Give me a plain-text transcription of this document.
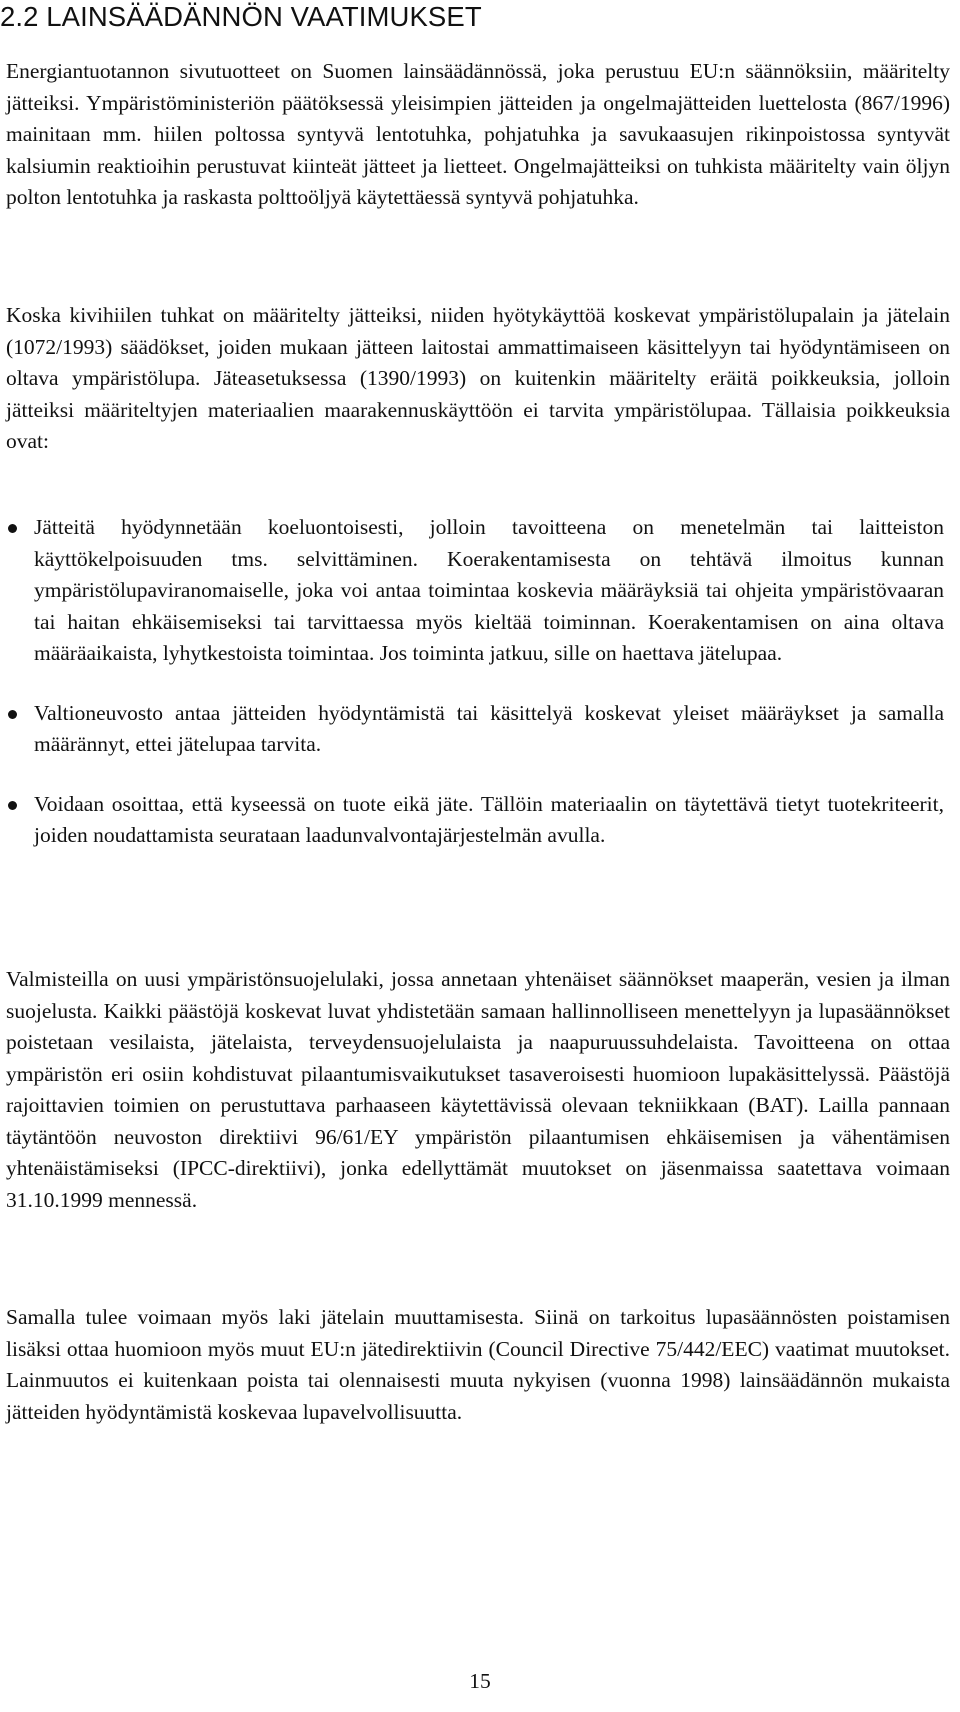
2.2 LAINSÄÄDÄNNÖN VAATIMUKSET

Energiantuotannon sivutuotteet on Suomen lainsäädännössä, joka perustuu EU:n säännöksiin, määritelty jätteiksi. Ympäristöministeriön päätöksessä yleisimpien jätteiden ja ongelmajätteiden luettelosta (867/1996) mainitaan mm. hiilen poltossa syntyvä lentotuhka, pohjatuhka ja savukaasujen rikinpoistossa syntyvät kalsiumin reaktioihin perustuvat kiinteät jätteet ja lietteet. Ongelmajätteiksi on tuhkista määritelty vain öljyn polton lentotuhka ja raskasta polttoöljyä käytettäessä syntyvä pohjatuhka.

Koska kivihiilen tuhkat on määritelty jätteiksi, niiden hyötykäyttöä koskevat ympäristölupalain ja jätelain (1072/1993) säädökset, joiden mukaan jätteen laitostai ammattimaiseen käsittelyyn tai hyödyntämiseen on oltava ympäristölupa. Jäteasetuksessa (1390/1993) on kuitenkin määritelty eräitä poikkeuksia, jolloin jätteiksi määriteltyjen materiaalien maarakennuskäyttöön ei tarvita ympäristölupaa. Tällaisia poikkeuksia ovat:

Jätteitä hyödynnetään koeluontoisesti, jolloin tavoitteena on menetelmän tai laitteiston käyttökelpoisuuden tms. selvittäminen. Koerakentamisesta on tehtävä ilmoitus kunnan ympäristölupaviranomaiselle, joka voi antaa toimintaa koskevia määräyksiä tai ohjeita ympäristövaaran tai haitan ehkäisemiseksi tai tarvittaessa myös kieltää toiminnan. Koerakentamisen on aina oltava määräaikaista, lyhytkestoista toimintaa. Jos toiminta jatkuu, sille on haettava jätelupaa.
Valtioneuvosto antaa jätteiden hyödyntämistä tai käsittelyä koskevat yleiset määräykset ja samalla määrännyt, ettei jätelupaa tarvita.
Voidaan osoittaa, että kyseessä on tuote eikä jäte. Tällöin materiaalin on täytettävä tietyt tuotekriteerit, joiden noudattamista seurataan laadunvalvontajärjestelmän avulla.

Valmisteilla on uusi ympäristönsuojelulaki, jossa annetaan yhtenäiset säännökset maaperän, vesien ja ilman suojelusta. Kaikki päästöjä koskevat luvat yhdistetään samaan hallinnolliseen menettelyyn ja lupasäännökset poistetaan vesilaista, jätelaista, terveydensuojelulaista ja naapuruussuhdelaista. Tavoitteena on ottaa ympäristön eri osiin kohdistuvat pilaantumisvaikutukset tasaveroisesti huomioon lupakäsittelyssä. Päästöjä rajoittavien toimien on perustuttava parhaaseen käytettävissä olevaan tekniikkaan (BAT). Lailla pannaan täytäntöön neuvoston direktiivi 96/61/EY ympäristön pilaantumisen ehkäisemisen ja vähentämisen yhtenäistämiseksi (IPCC-direktiivi), jonka edellyttämät muutokset on jäsenmaissa saatettava voimaan 31.10.1999 mennessä.

Samalla tulee voimaan myös laki jätelain muuttamisesta. Siinä on tarkoitus lupasäännösten poistamisen lisäksi ottaa huomioon myös muut EU:n jätedirektiivin (Council Directive 75/442/EEC) vaatimat muutokset. Lainmuutos ei kuitenkaan poista tai olennaisesti muuta nykyisen (vuonna 1998) lainsäädännön mukaista jätteiden hyödyntämistä koskevaa lupavelvollisuutta.

15
